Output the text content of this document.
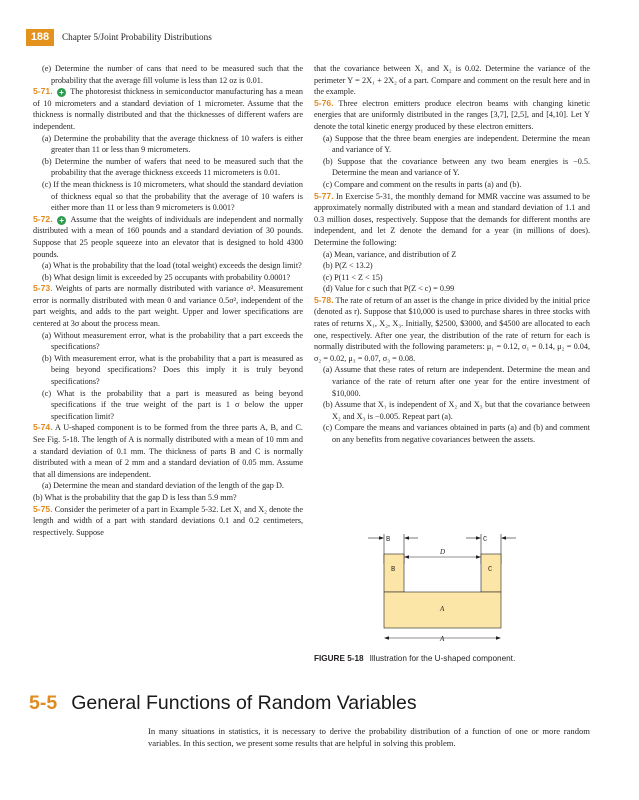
188	Chapter 5/Joint Probability Distributions

(e) Determine the number of cans that need to be measured such that the probability that the average fill volume is less than 12 oz is 0.01.

5-71. + The photoresist thickness in semiconductor manufacturing has a mean of 10 micrometers and a standard deviation of 1 micrometer. Assume that the thickness is normally distributed and that the thicknesses of different wafers are independent.

(a) Determine the probability that the average thickness of 10 wafers is either greater than 11 or less than 9 micrometers.

(b) Determine the number of wafers that need to be measured such that the probability that the average thickness exceeds 11 micrometers is 0.01.

(c) If the mean thickness is 10 micrometers, what should the standard deviation of thickness equal so that the probability that the average of 10 wafers is either more than 11 or less than 9 micrometers is 0.001?

5-72. + Assume that the weights of individuals are independent and normally distributed with a mean of 160 pounds and a standard deviation of 30 pounds. Suppose that 25 people squeeze into an elevator that is designed to hold 4300 pounds.

(a) What is the probability that the load (total weight) exceeds the design limit?

(b) What design limit is exceeded by 25 occupants with probability 0.0001?

5-73. Weights of parts are normally distributed with variance σ². Measurement error is normally distributed with mean 0 and variance 0.5σ², independent of the part weights, and adds to the part weight. Upper and lower specifications are centered at 3σ about the process mean.

(a) Without measurement error, what is the probability that a part exceeds the specifications?

(b) With measurement error, what is the probability that a part is measured as being beyond specifications? Does this imply it is truly beyond specifications?

(c) What is the probability that a part is measured as being beyond specifications if the true weight of the part is 1 σ below the upper specification limit?

5-74. A U-shaped component is to be formed from the three parts A, B, and C. See Fig. 5-18. The length of A is normally distributed with a mean of 10 mm and a standard deviation of 0.1 mm. The thickness of parts B and C is normally distributed with a mean of 2 mm and a standard deviation of 0.05 mm. Assume that all dimensions are independent.

(a) Determine the mean and standard deviation of the length of the gap D.

(b) What is the probability that the gap D is less than 5.9 mm?

5-75. Consider the perimeter of a part in Example 5-32. Let X₁ and X₂ denote the length and width of a part with standard deviations 0.1 and 0.2 centimeters, respectively. Suppose

that the covariance between X₁ and X₂ is 0.02. Determine the variance of the perimeter Y = 2X₁ + 2X₂ of a part. Compare and comment on the result here and in the example.

5-76. Three electron emitters produce electron beams with changing kinetic energies that are uniformly distributed in the ranges [3,7], [2,5], and [4,10]. Let Y denote the total kinetic energy produced by these electron emitters.

(a) Suppose that the three beam energies are independent. Determine the mean and variance of Y.

(b) Suppose that the covariance between any two beam energies is −0.5. Determine the mean and variance of Y.

(c) Compare and comment on the results in parts (a) and (b).

5-77. In Exercise 5-31, the monthly demand for MMR vaccine was assumed to be approximately normally distributed with a mean and standard deviation of 1.1 and 0.3 million doses, respectively. Suppose that the demands for different months are independent, and let Z denote the demand for a year (in millions of does). Determine the following:

(a) Mean, variance, and distribution of Z

(b) P(Z < 13.2)

(c) P(11 < Z < 15)

(d) Value for c such that P(Z < c) = 0.99

5-78. The rate of return of an asset is the change in price divided by the initial price (denoted as r). Suppose that $10,000 is used to purchase shares in three stocks with rates of returns X₁, X₂, X₃. Initially, $2500, $3000, and $4500 are allocated to each one, respectively. After one year, the distribution of the rate of return for each is normally distributed with the following parameters: μ₁ = 0.12, σ₁ = 0.14, μ₂ = 0.04, σ₂ = 0.02, μ₃ = 0.07, σ₃ = 0.08.

(a) Assume that these rates of return are independent. Determine the mean and variance of the rate of return after one year for the entire investment of $10,000.

(b) Assume that X₁ is independent of X₂ and X₃ but that the covariance between X₂ and X₃ is −0.005. Repeat part (a).

(c) Compare the means and variances obtained in parts (a) and (b) and comment on any benefits from negative covariances between the assets.

B	C
D
B	C
A
A
FIGURE 5-18 Illustration for the U-shaped component.
5-5 General Functions of Random Variables

In many situations in statistics, it is necessary to derive the probability distribution of a function of one or more random variables. In this section, we present some results that are helpful in solving this problem.
